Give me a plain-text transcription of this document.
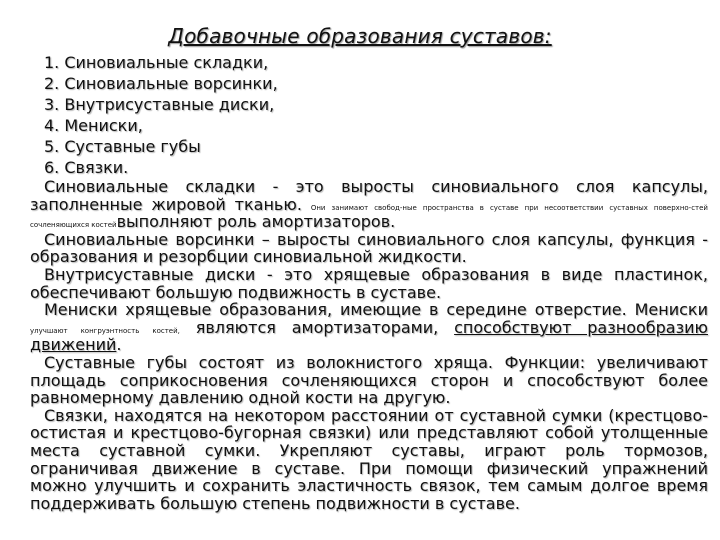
Добавочные образования суставов:
1. Синовиальные складки,
2. Синовиальные ворсинки,
3. Внутрисуставные диски,
4. Мениски,
5. Суставные губы
6. Связки.

Синовиальные складки - это выросты синовиального слоя капсулы, заполненные жировой тканью. Они занимают свобод-ные пространства в суставе при несоответствии суставных поверхно-стей сочленяющихся костейвыполняют роль амортизаторов.

Синовиальные ворсинки – выросты синовиального слоя капсулы, функция - образования и резорбции синовиальной жидкости.

Внутрисуставные диски - это хрящевые образования в виде пластинок, обеспечивают большую подвижность в суставе.

Мениски хрящевые образования, имеющие в середине отверстие. Мениски улучшают конгруэнтность костей, являются амортизаторами, способствуют разнообразию движений.

Суставные губы состоят из волокнистого хряща. Функции: увеличивают площадь соприкосновения сочленяющихся сторон и способствуют более равномерному давлению одной кости на другую.

Связки, находятся на некотором расстоянии от суставной сумки (крестцово-остистая и крестцово-бугорная связки) или представляют собой утолщенные места суставной сумки. Укрепляют суставы, играют роль тормозов, ограничивая движение в суставе. При помощи физический упражнений можно улучшить и сохранить эластичность связок, тем самым долгое время поддерживать большую степень подвижности в суставе.
